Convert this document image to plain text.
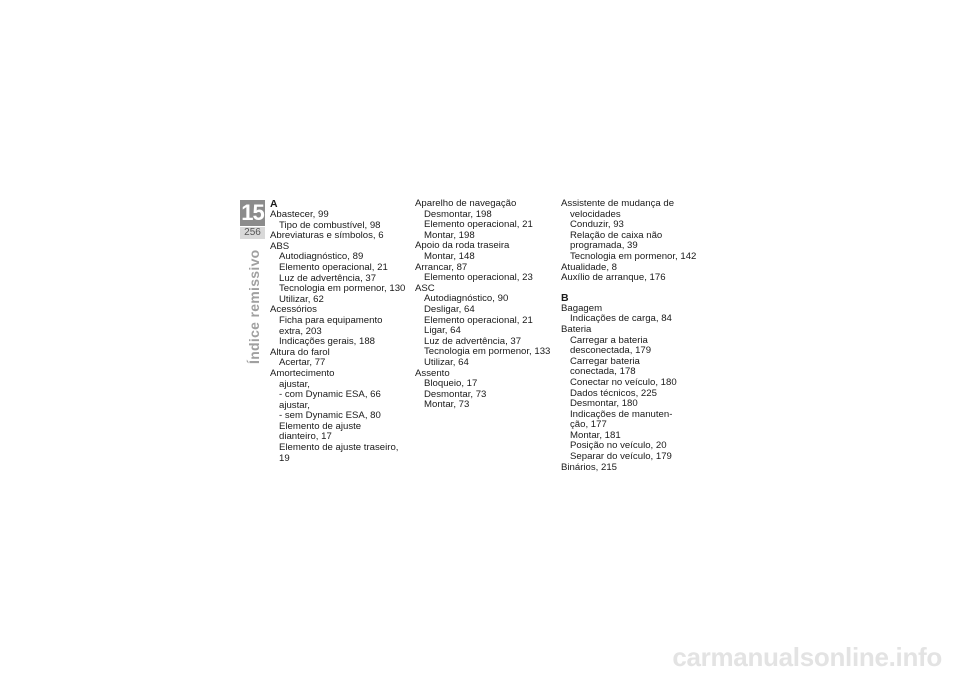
15
256
Índice remissivo
A
Abastecer, 99
Tipo de combustível, 98
Abreviaturas e símbolos, 6
ABS
Autodiagnóstico, 89
Elemento operacional, 21
Luz de advertência, 37
Tecnologia em pormenor, 130
Utilizar, 62
Acessórios
Ficha para equipamento
extra, 203
Indicações gerais, 188
Altura do farol
Acertar, 77
Amortecimento
ajustar,
- com Dynamic ESA, 66
ajustar,
- sem Dynamic ESA, 80
Elemento de ajuste
dianteiro, 17
Elemento de ajuste traseiro, 19
Aparelho de navegação
Desmontar, 198
Elemento operacional, 21
Montar, 198
Apoio da roda traseira
Montar, 148
Arrancar, 87
Elemento operacional, 23
ASC
Autodiagnóstico, 90
Desligar, 64
Elemento operacional, 21
Ligar, 64
Luz de advertência, 37
Tecnologia em pormenor, 133
Utilizar, 64
Assento
Bloqueio, 17
Desmontar, 73
Montar, 73
Assistente de mudança de
velocidades
Conduzir, 93
Relação de caixa não
programada, 39
Tecnologia em pormenor, 142
Atualidade, 8
Auxílio de arranque, 176
B
Bagagem
Indicações de carga, 84
Bateria
Carregar a bateria
desconectada, 179
Carregar bateria
conectada, 178
Conectar no veículo, 180
Dados técnicos, 225
Desmontar, 180
Indicações de manuten-
ção, 177
Montar, 181
Posição no veículo, 20
Separar do veículo, 179
Binários, 215
carmanualsonline.info
